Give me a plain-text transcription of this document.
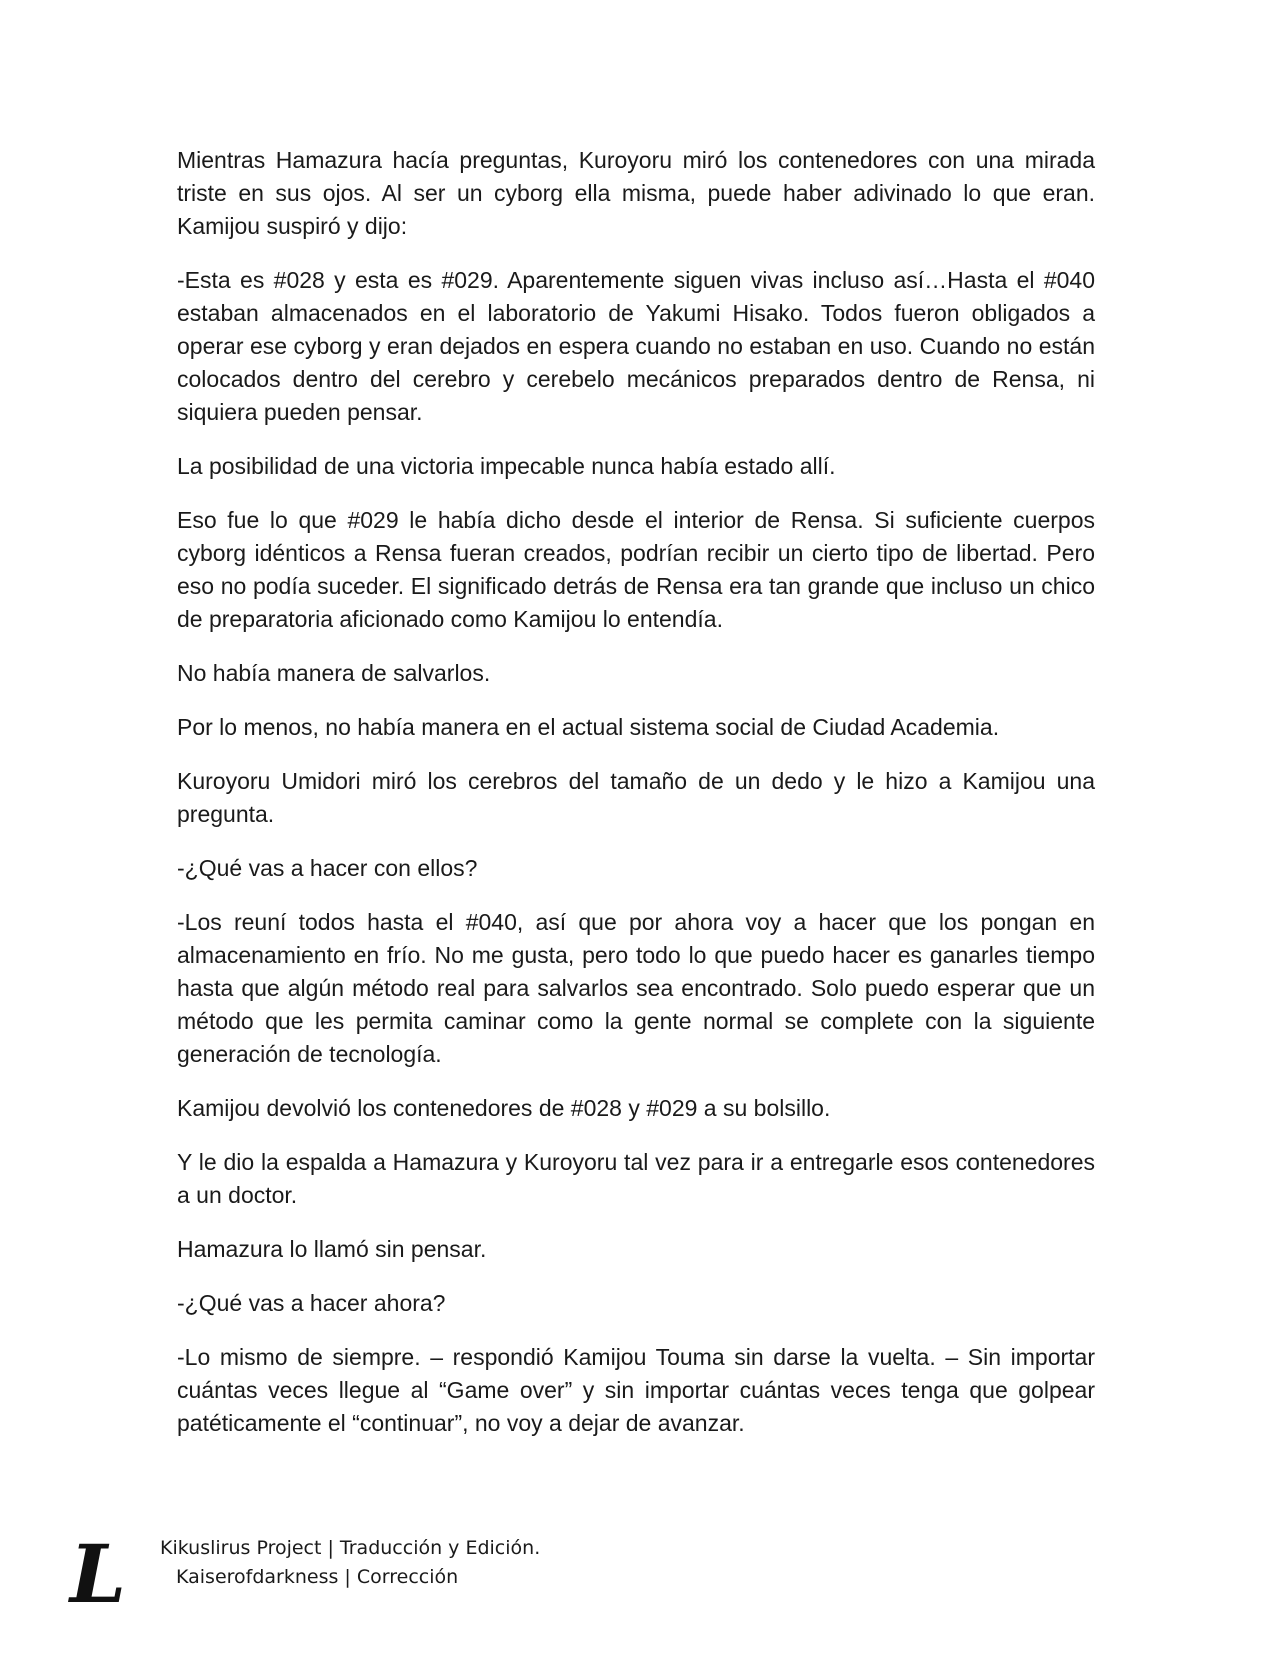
Mientras Hamazura hacía preguntas, Kuroyoru miró los contenedores con una mirada triste en sus ojos. Al ser un cyborg ella misma, puede haber adivinado lo que eran. Kamijou suspiró y dijo:

-Esta es #028 y esta es #029. Aparentemente siguen vivas incluso así…Hasta el #040 estaban almacenados en el laboratorio de Yakumi Hisako. Todos fueron obligados a operar ese cyborg y eran dejados en espera cuando no estaban en uso. Cuando no están colocados dentro del cerebro y cerebelo mecánicos preparados dentro de Rensa, ni siquiera pueden pensar.

La posibilidad de una victoria impecable nunca había estado allí.

Eso fue lo que #029 le había dicho desde el interior de Rensa. Si suficiente cuerpos cyborg idénticos a Rensa fueran creados, podrían recibir un cierto tipo de libertad. Pero eso no podía suceder. El significado detrás de Rensa era tan grande que incluso un chico de preparatoria aficionado como Kamijou lo entendía.

No había manera de salvarlos.

Por lo menos, no había manera en el actual sistema social de Ciudad Academia.

Kuroyoru Umidori miró los cerebros del tamaño de un dedo y le hizo a Kamijou una pregunta.

-¿Qué vas a hacer con ellos?

-Los reuní todos hasta el #040, así que por ahora voy a hacer que los pongan en almacenamiento en frío. No me gusta, pero todo lo que puedo hacer es ganarles tiempo hasta que algún método real para salvarlos sea encontrado. Solo puedo esperar que un método que les permita caminar como la gente normal se complete con la siguiente generación de tecnología.

Kamijou devolvió los contenedores de #028 y #029 a su bolsillo.

Y le dio la espalda a Hamazura y Kuroyoru tal vez para ir a entregarle esos contenedores a un doctor.

Hamazura lo llamó sin pensar.

-¿Qué vas a hacer ahora?

-Lo mismo de siempre. – respondió Kamijou Touma sin darse la vuelta. – Sin importar cuántas veces llegue al “Game over” y sin importar cuántas veces tenga que golpear patéticamente el “continuar”, no voy a dejar de avanzar.

L	Kikuslirus Project | Traducción y Edición.
Kaiserofdarkness | Corrección
